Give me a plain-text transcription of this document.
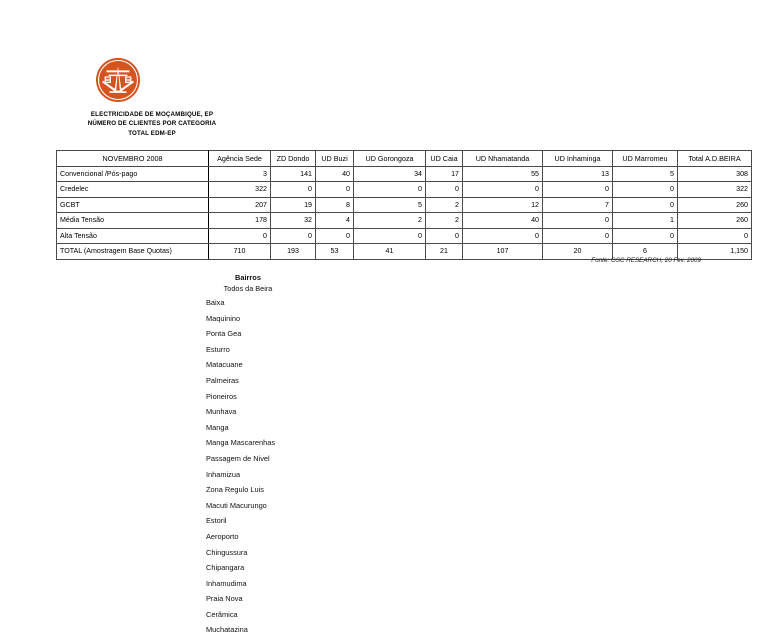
ELECTRICIDADE DE MOÇAMBIQUE, EP
NÚMERO DE CLIENTES POR CATEGORIA
TOTAL EDM-EP
NOVEMBRO 2008	Agência Sede	ZD Dondo	UD Buzi	UD Gorongoza	UD Caia	UD Nhamatanda	UD Inhaminga	UD Marromeu	Total A.D.BEIRA
Convencional /Pós-pago	3	141	40	34	17	55	13	5	308
Credelec	322	0	0	0	0	0	0	0	322
GCBT	207	19	8	5	2	12	7	0	260
Média Tensão	178	32	4	2	2	40	0	1	260
Alta Tensão	0	0	0	0	0	0	0	0	0
TOTAL (Amostragem Base Quotas)	710	193	53	41	21	107	20	6	1,150
Fonte: GSC RESEARCH, 20 Fev. 2009
Bairros
Todos da Beira
Baixa
Maquinino
Ponta Gea
Esturro
Matacuane
Palmeiras
Pioneiros
Munhava
Manga
Manga Mascarenhas
Passagem de Nivel
Inhamizua
Zona Regulo Luis
Macuti Macurungo
Estoril
Aeroporto
Chingussura
Chipangara
Inhamudima
Praia Nova
Cerâmica
Muchatazina
